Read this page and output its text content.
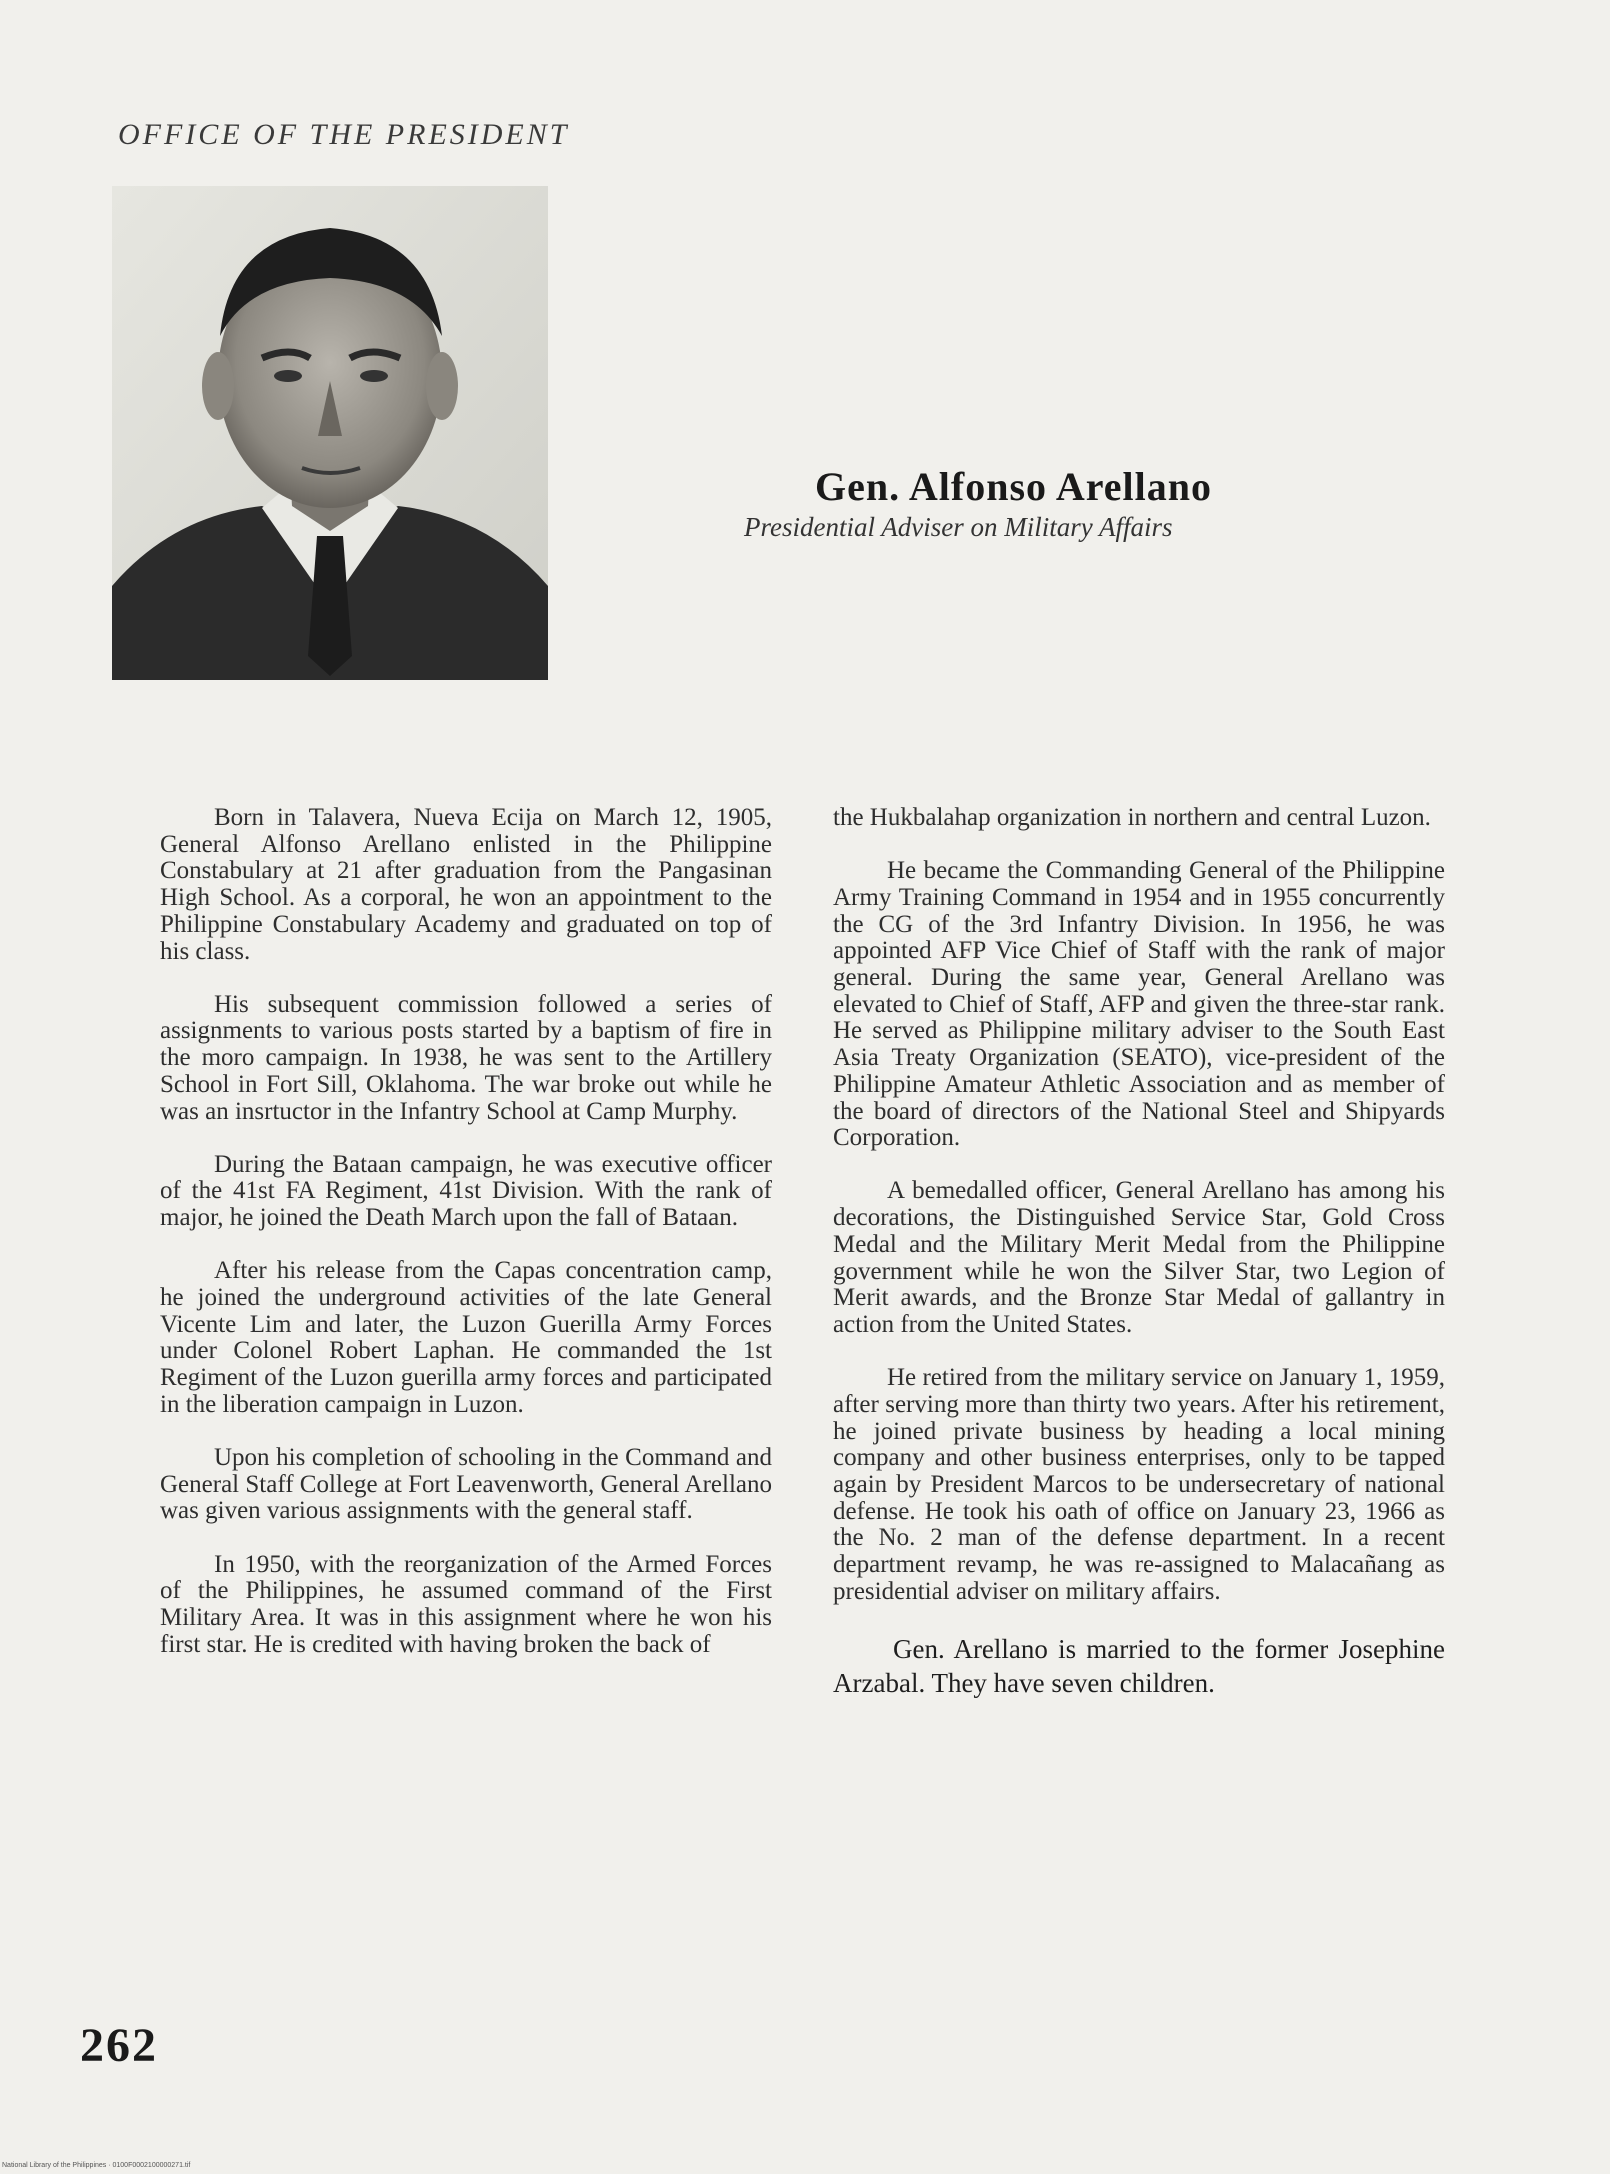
OFFICE OF THE PRESIDENT
Gen. Alfonso Arellano
Presidential Adviser on Military Affairs

Born in Talavera, Nueva Ecija on March 12, 1905, General Alfonso Arellano enlisted in the Philippine Constabulary at 21 after graduation from the Pangasinan High School. As a corporal, he won an appointment to the Philippine Constabulary Academy and graduated on top of his class.

His subsequent commission followed a series of assignments to various posts started by a baptism of fire in the moro campaign. In 1938, he was sent to the Artillery School in Fort Sill, Oklahoma. The war broke out while he was an insrtuctor in the Infantry School at Camp Murphy.

During the Bataan campaign, he was executive officer of the 41st FA Regiment, 41st Division. With the rank of major, he joined the Death March upon the fall of Bataan.

After his release from the Capas concentration camp, he joined the underground activities of the late General Vicente Lim and later, the Luzon Guerilla Army Forces under Colonel Robert Laphan. He commanded the 1st Regiment of the Luzon guerilla army forces and participated in the liberation campaign in Luzon.

Upon his completion of schooling in the Command and General Staff College at Fort Leavenworth, General Arellano was given various assignments with the general staff.

In 1950, with the reorganization of the Armed Forces of the Philippines, he assumed command of the First Military Area. It was in this assignment where he won his first star. He is credited with having broken the back of

the Hukbalahap organization in northern and central Luzon.

He became the Commanding General of the Philippine Army Training Command in 1954 and in 1955 concurrently the CG of the 3rd Infantry Division. In 1956, he was appointed AFP Vice Chief of Staff with the rank of major general. During the same year, General Arellano was elevated to Chief of Staff, AFP and given the three-star rank. He served as Philippine military adviser to the South East Asia Treaty Organization (SEATO), vice-president of the Philippine Amateur Athletic Association and as member of the board of directors of the National Steel and Shipyards Corporation.

A bemedalled officer, General Arellano has among his decorations, the Distinguished Service Star, Gold Cross Medal and the Military Merit Medal from the Philippine government while he won the Silver Star, two Legion of Merit awards, and the Bronze Star Medal of gallantry in action from the United States.

He retired from the military service on January 1, 1959, after serving more than thirty two years. After his retirement, he joined private business by heading a local mining company and other business enterprises, only to be tapped again by President Marcos to be undersecretary of national defense. He took his oath of office on January 23, 1966 as the No. 2 man of the defense department. In a recent department revamp, he was re-assigned to Malacañang as presidential adviser on military affairs.

Gen. Arellano is married to the former Josephine Arzabal. They have seven children.

262
National Library of the Philippines · 0100F0002100000271.tif
